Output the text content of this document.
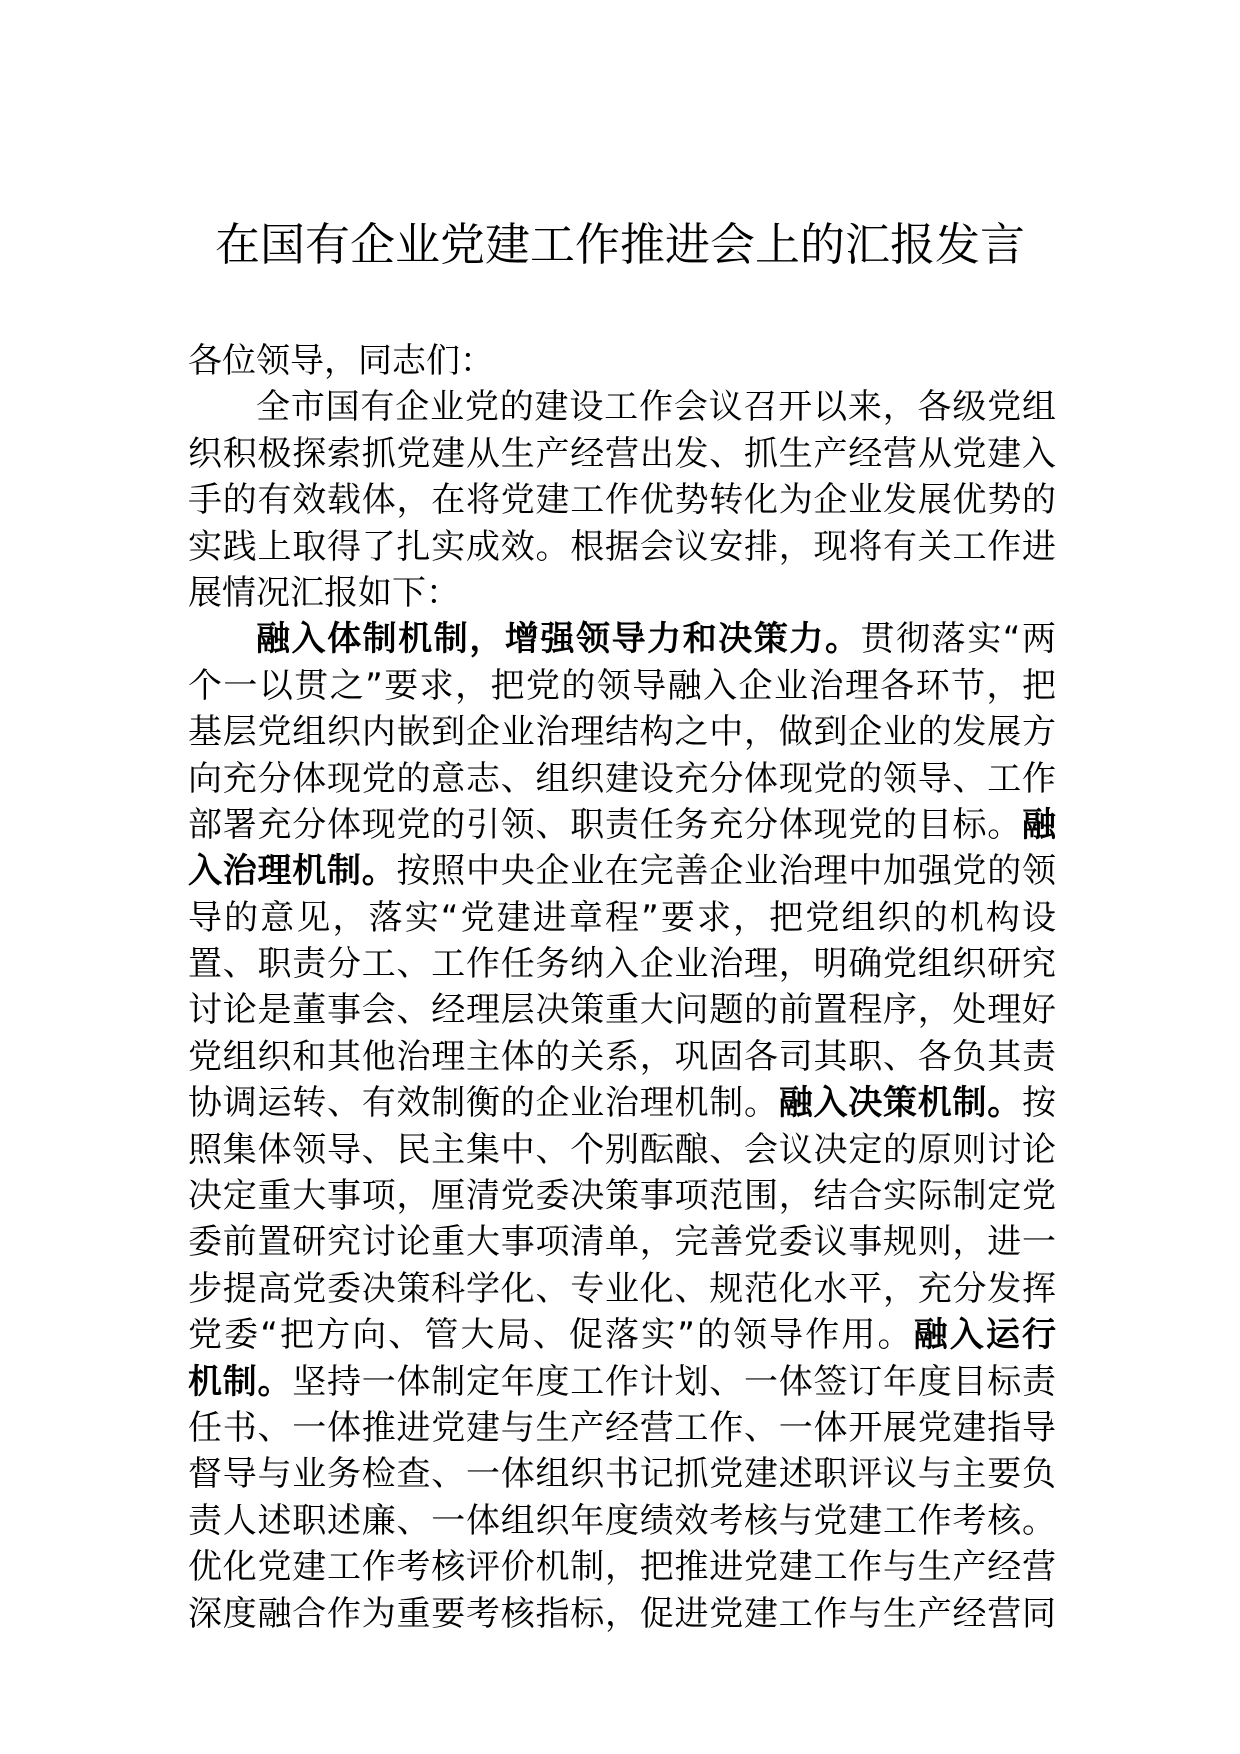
在国有企业党建工作推进会上的汇报发言
各位领导，同志们：
全市国有企业党的建设工作会议召开以来，各级党组
织积极探索抓党建从生产经营出发、抓生产经营从党建入
手的有效载体，在将党建工作优势转化为企业发展优势的
实践上取得了扎实成效。根据会议安排，现将有关工作进
展情况汇报如下：
融入体制机制，增强领导力和决策力。贯彻落实“两
个一以贯之”要求，把党的领导融入企业治理各环节，把
基层党组织内嵌到企业治理结构之中，做到企业的发展方
向充分体现党的意志、组织建设充分体现党的领导、工作
部署充分体现党的引领、职责任务充分体现党的目标。融
入治理机制。按照中央企业在完善企业治理中加强党的领
导的意见，落实“党建进章程”要求，把党组织的机构设
置、职责分工、工作任务纳入企业治理，明确党组织研究
讨论是董事会、经理层决策重大问题的前置程序，处理好
党组织和其他治理主体的关系，巩固各司其职、各负其责
协调运转、有效制衡的企业治理机制。融入决策机制。按
照集体领导、民主集中、个别酝酿、会议决定的原则讨论
决定重大事项，厘清党委决策事项范围，结合实际制定党
委前置研究讨论重大事项清单，完善党委议事规则，进一
步提高党委决策科学化、专业化、规范化水平，充分发挥
党委“把方向、管大局、促落实”的领导作用。融入运行
机制。坚持一体制定年度工作计划、一体签订年度目标责
任书、一体推进党建与生产经营工作、一体开展党建指导
督导与业务检查、一体组织书记抓党建述职评议与主要负
责人述职述廉、一体组织年度绩效考核与党建工作考核。
优化党建工作考核评价机制，把推进党建工作与生产经营
深度融合作为重要考核指标，促进党建工作与生产经营同
